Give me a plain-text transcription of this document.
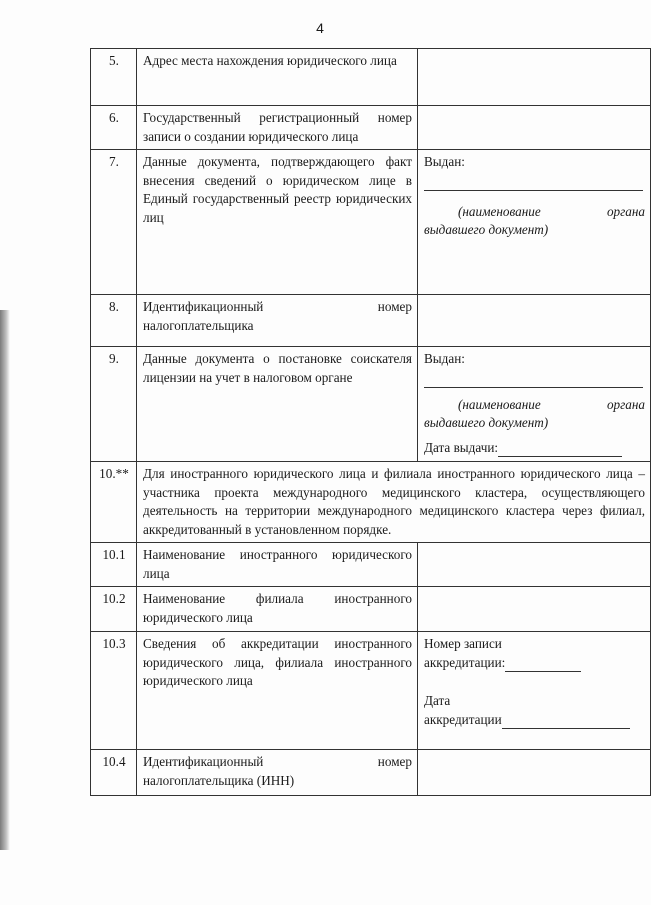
4
5.	Адрес места нахождения юридического лица	
6.	Государственный регистрационный номер
записи о создании юридического лица	
7.	Данные документа, подтверждающего факт внесения сведений о юридическом лице в Единый государственный реестр юридических лиц	Выдан:
(наименование органа
выдавшего документ)

8.	Идентификационный номер налогоплательщика	
9.	Данные документа о постановке соискателя лицензии на учет в налоговом органе	Выдан:
(наименование органа
выдавшего документ)
Дата выдачи:

10.**	Для иностранного юридического лица и филиала иностранного юридического лица – участника проекта международного медицинского кластера, осуществляющего деятельность на территории международного медицинского кластера через филиал, аккредитованный в установленном порядке.	
10.1	Наименование иностранного юридического лица	
10.2	Наименование филиала иностранного юридического лица	
10.3	Сведения об аккредитации иностранного юридического лица, филиала иностранного юридического лица	Номер записи
аккредитации:
Дата
аккредитации

10.4	Идентификационный номер налогоплательщика (ИНН)	
